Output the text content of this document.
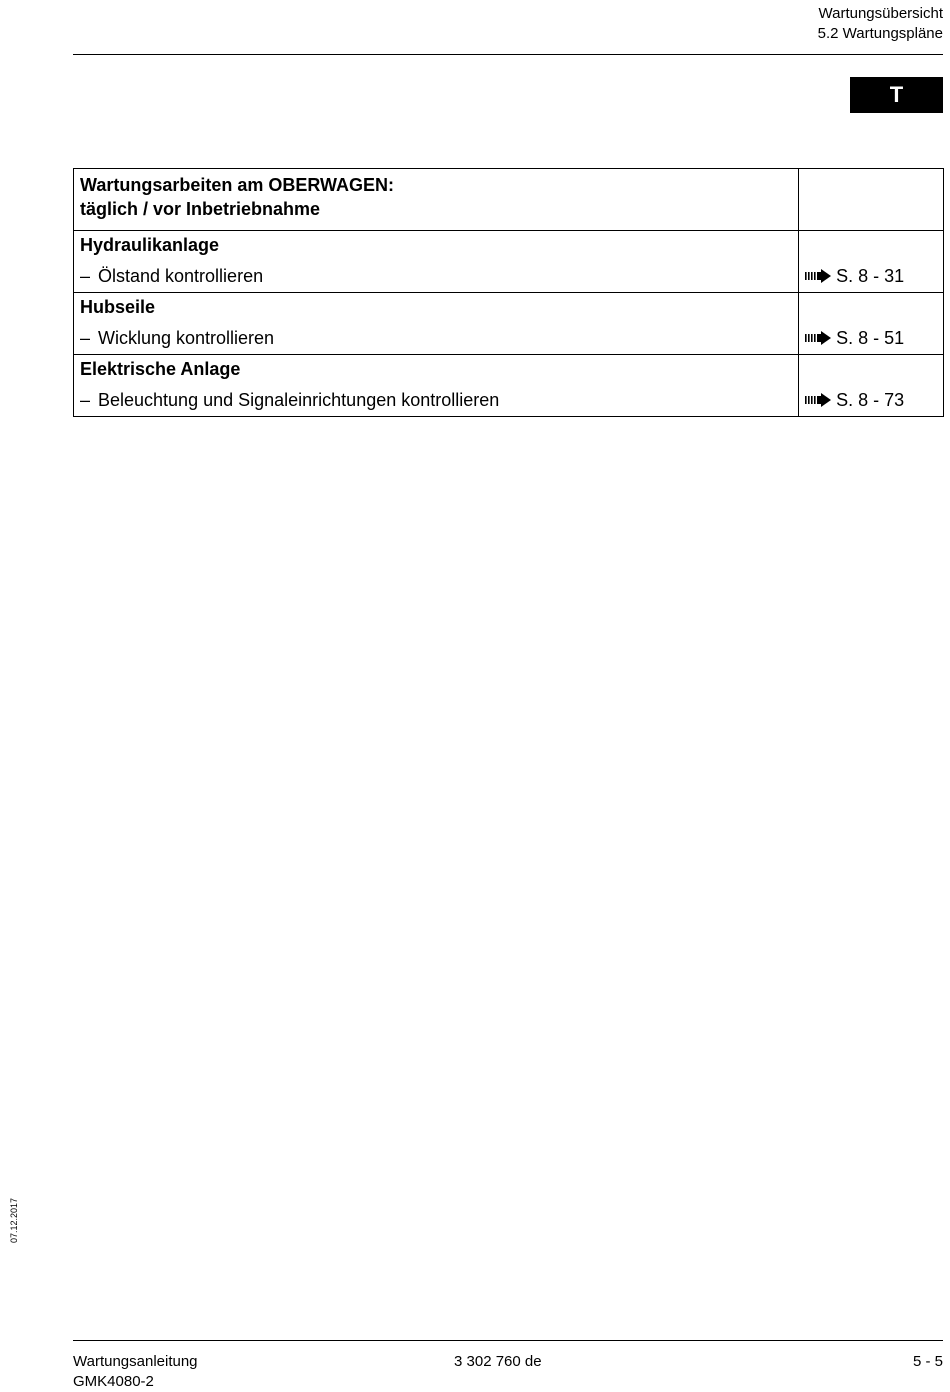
Wartungsübersicht
5.2 Wartungspläne
T
Wartungsarbeiten am OBERWAGEN:
täglich / vor Inbetriebnahme	

Hydraulikanlage
– Ölstand kontrollieren	S. 8 - 31

Hubseile
– Wicklung kontrollieren	S. 8 - 51

Elektrische Anlage
– Beleuchtung und Signaleinrichtungen kontrollieren	S. 8 - 73
07.12.2017
Wartungsanleitung
GMK4080-2
3 302 760 de	5 - 5
